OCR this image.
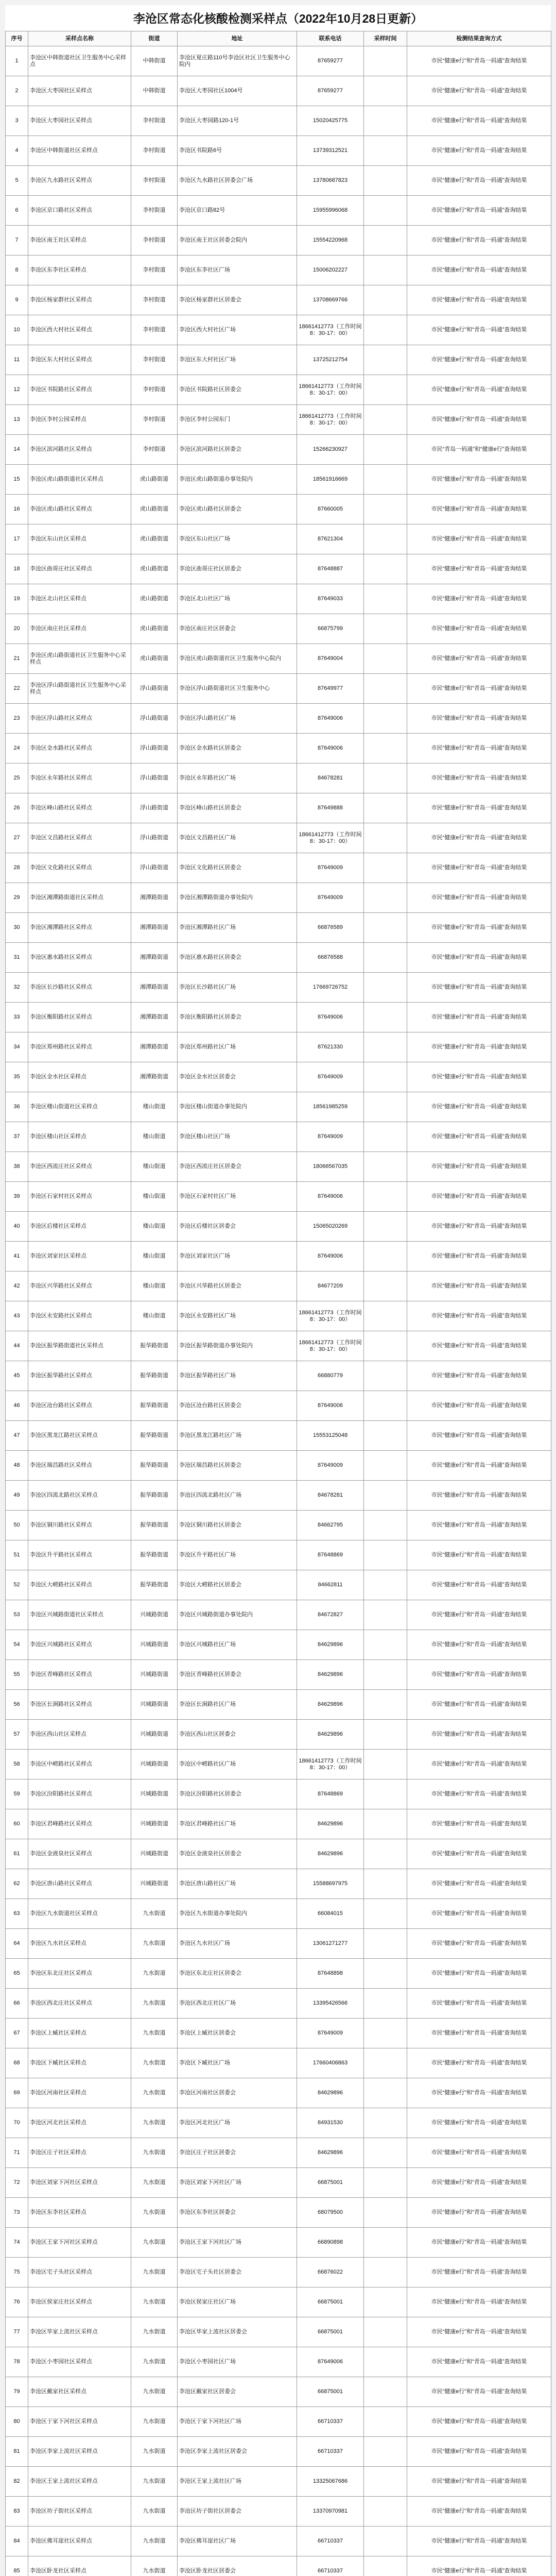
李沧区常态化核酸检测采样点（2022年10月28日更新）
序号	采样点名称	街道	地址	联系电话	采样时间	检测结果查询方式
1	李沧区中韩街道社区卫生服务中心采样点	中韩街道	李沧区夏庄路110号李沧区社区卫生服务中心院内	87659277		市民“健康e行”和“青岛一码通”查询结果
2	李沧区大枣园社区采样点	中韩街道	李沧区大枣园社区1004号	87659277		市民“健康e行”和“青岛一码通”查询结果
3	李沧区大枣园社区采样点	李村街道	李沧区大枣园路120-1号	15020425775		市民“健康e行”和“青岛一码通”查询结果
4	李沧区中韩街道社区采样点	李村街道	李沧区书院路6号	13739312521		市民“健康e行”和“青岛一码通”查询结果
5	李沧区九水路社区采样点	李村街道	李沧区九水路社区居委会广场	13780687823		市民“健康e行”和“青岛一码通”查询结果
6	李沧区京口路社区采样点	李村街道	李沧区京口路82号	15955996068		市民“健康e行”和“青岛一码通”查询结果
7	李沧区南王社区采样点	李村街道	李沧区南王社区居委会院内	15554220968		市民“健康e行”和“青岛一码通”查询结果
8	李沧区东李社区采样点	李村街道	李沧区东李社区广场	15006202227		市民“健康e行”和“青岛一码通”查询结果
9	李沧区杨家群社区采样点	李村街道	李沧区杨家群社区居委会	13708669766		市民“健康e行”和“青岛一码通”查询结果
10	李沧区西大村社区采样点	李村街道	李沧区西大村社区广场	18661412773（工作时间8：30-17：00）		市民“健康e行”和“青岛一码通”查询结果
11	李沧区东大村社区采样点	李村街道	李沧区东大村社区广场	13725212754		市民“健康e行”和“青岛一码通”查询结果
12	李沧区书院路社区采样点	李村街道	李沧区书院路社区居委会	18661412773（工作时间8：30-17：00）		市民“健康e行”和“青岛一码通”查询结果
13	李沧区李村公园采样点	李村街道	李沧区李村公园东门	18661412773（工作时间8：30-17：00）		市民“健康e行”和“青岛一码通”查询结果
14	李沧区滨河路社区采样点	李村街道	李沧区滨河路社区居委会	15266230927		市民“青岛一码通”和“健康e行”查询结果
15	李沧区虎山路街道社区采样点	虎山路街道	李沧区虎山路街道办事处院内	18561916669		市民“健康e行”和“青岛一码通”查询结果
16	李沧区虎山路社区采样点	虎山路街道	李沧区虎山路社区居委会	87660005		市民“健康e行”和“青岛一码通”查询结果
17	李沧区东山社区采样点	虎山路街道	李沧区东山社区广场	87621304		市民“健康e行”和“青岛一码通”查询结果
18	李沧区曲哥庄社区采样点	虎山路街道	李沧区曲哥庄社区居委会	87648887		市民“健康e行”和“青岛一码通”查询结果
19	李沧区北山社区采样点	虎山路街道	李沧区北山社区广场	87649033		市民“健康e行”和“青岛一码通”查询结果
20	李沧区南庄社区采样点	虎山路街道	李沧区南庄社区居委会	66875799		市民“健康e行”和“青岛一码通”查询结果
21	李沧区虎山路街道社区卫生服务中心采样点	虎山路街道	李沧区虎山路街道社区卫生服务中心院内	87649004		市民“健康e行”和“青岛一码通”查询结果
22	李沧区浮山路街道社区卫生服务中心采样点	浮山路街道	李沧区浮山路街道社区卫生服务中心	87649977		市民“健康e行”和“青岛一码通”查询结果
23	李沧区浮山路社区采样点	浮山路街道	李沧区浮山路社区广场	87649006		市民“健康e行”和“青岛一码通”查询结果
24	李沧区金水路社区采样点	浮山路街道	李沧区金水路社区居委会	87649006		市民“健康e行”和“青岛一码通”查询结果
25	李沧区永年路社区采样点	浮山路街道	李沧区永年路社区广场	84678281		市民“健康e行”和“青岛一码通”查询结果
26	李沧区峰山路社区采样点	浮山路街道	李沧区峰山路社区居委会	87649888		市民“健康e行”和“青岛一码通”查询结果
27	李沧区文昌路社区采样点	浮山路街道	李沧区文昌路社区广场	18661412773（工作时间8：30-17：00）		市民“健康e行”和“青岛一码通”查询结果
28	李沧区文化路社区采样点	浮山路街道	李沧区文化路社区居委会	87649009		市民“健康e行”和“青岛一码通”查询结果
29	李沧区湘潭路街道社区采样点	湘潭路街道	李沧区湘潭路街道办事处院内	87649009		市民“健康e行”和“青岛一码通”查询结果
30	李沧区湘潭路社区采样点	湘潭路街道	李沧区湘潭路社区广场	66876589		市民“健康e行”和“青岛一码通”查询结果
31	李沧区惠水路社区采样点	湘潭路街道	李沧区惠水路社区居委会	66876588		市民“健康e行”和“青岛一码通”查询结果
32	李沧区长沙路社区采样点	湘潭路街道	李沧区长沙路社区广场	17669726752		市民“健康e行”和“青岛一码通”查询结果
33	李沧区衡阳路社区采样点	湘潭路街道	李沧区衡阳路社区居委会	87649006		市民“健康e行”和“青岛一码通”查询结果
34	李沧区郑州路社区采样点	湘潭路街道	李沧区郑州路社区广场	87621330		市民“健康e行”和“青岛一码通”查询结果
35	李沧区金水社区采样点	湘潭路街道	李沧区金水社区居委会	87649009		市民“健康e行”和“青岛一码通”查询结果
36	李沧区楼山街道社区采样点	楼山街道	李沧区楼山街道办事处院内	18561985259		市民“健康e行”和“青岛一码通”查询结果
37	李沧区楼山社区采样点	楼山街道	李沧区楼山社区广场	87649009		市民“健康e行”和“青岛一码通”查询结果
38	李沧区西流庄社区采样点	楼山街道	李沧区西流庄社区居委会	18066567035		市民“健康e行”和“青岛一码通”查询结果
39	李沧区石家村社区采样点	楼山街道	李沧区石家村社区广场	87649006		市民“健康e行”和“青岛一码通”查询结果
40	李沧区后楼社区采样点	楼山街道	李沧区后楼社区居委会	15065020269		市民“健康e行”和“青岛一码通”查询结果
41	李沧区刘家社区采样点	楼山街道	李沧区刘家社区广场	87649006		市民“健康e行”和“青岛一码通”查询结果
42	李沧区兴华路社区采样点	楼山街道	李沧区兴华路社区居委会	84677209		市民“健康e行”和“青岛一码通”查询结果
43	李沧区永安路社区采样点	楼山街道	李沧区永安路社区广场	18661412773（工作时间8：30-17：00）		市民“健康e行”和“青岛一码通”查询结果
44	李沧区振华路街道社区采样点	振华路街道	李沧区振华路街道办事处院内	18661412773（工作时间8：30-17：00）		市民“健康e行”和“青岛一码通”查询结果
45	李沧区振华路社区采样点	振华路街道	李沧区振华路社区广场	66880779		市民“健康e行”和“青岛一码通”查询结果
46	李沧区沧台路社区采样点	振华路街道	李沧区沧台路社区居委会	87649006		市民“健康e行”和“青岛一码通”查询结果
47	李沧区黑龙江路社区采样点	振华路街道	李沧区黑龙江路社区广场	15553125048		市民“健康e行”和“青岛一码通”查询结果
48	李沧区瑞昌路社区采样点	振华路街道	李沧区瑞昌路社区居委会	87649009		市民“健康e行”和“青岛一码通”查询结果
49	李沧区四流北路社区采样点	振华路街道	李沧区四流北路社区广场	84678281		市民“健康e行”和“青岛一码通”查询结果
50	李沧区铜川路社区采样点	振华路街道	李沧区铜川路社区居委会	84662795		市民“健康e行”和“青岛一码通”查询结果
51	李沧区升平路社区采样点	振华路街道	李沧区升平路社区广场	87648869		市民“健康e行”和“青岛一码通”查询结果
52	李沧区大崂路社区采样点	振华路街道	李沧区大崂路社区居委会	84662811		市民“健康e行”和“青岛一码通”查询结果
53	李沧区兴城路街道社区采样点	兴城路街道	李沧区兴城路街道办事处院内	84672827		市民“健康e行”和“青岛一码通”查询结果
54	李沧区兴城路社区采样点	兴城路街道	李沧区兴城路社区广场	84629896		市民“健康e行”和“青岛一码通”查询结果
55	李沧区青峰路社区采样点	兴城路街道	李沧区青峰路社区居委会	84629896		市民“健康e行”和“青岛一码通”查询结果
56	李沧区长涧路社区采样点	兴城路街道	李沧区长涧路社区广场	84629896		市民“健康e行”和“青岛一码通”查询结果
57	李沧区西山社区采样点	兴城路街道	李沧区西山社区居委会	84629896		市民“健康e行”和“青岛一码通”查询结果
58	李沧区中崂路社区采样点	兴城路街道	李沧区中崂路社区广场	18661412773（工作时间8：30-17：00）		市民“健康e行”和“青岛一码通”查询结果
59	李沧区汾阳路社区采样点	兴城路街道	李沧区汾阳路社区居委会	87648869		市民“健康e行”和“青岛一码通”查询结果
60	李沧区君峰路社区采样点	兴城路街道	李沧区君峰路社区广场	84629896		市民“健康e行”和“青岛一码通”查询结果
61	李沧区金液泉社区采样点	兴城路街道	李沧区金液泉社区居委会	84629896		市民“健康e行”和“青岛一码通”查询结果
62	李沧区唐山路社区采样点	兴城路街道	李沧区唐山路社区广场	15588697975		市民“健康e行”和“青岛一码通”查询结果
63	李沧区九水街道社区采样点	九水街道	李沧区九水街道办事处院内	66084015		市民“健康e行”和“青岛一码通”查询结果
64	李沧区九水社区采样点	九水街道	李沧区九水社区广场	13061271277		市民“健康e行”和“青岛一码通”查询结果
65	李沧区东北庄社区采样点	九水街道	李沧区东北庄社区居委会	87648898		市民“健康e行”和“青岛一码通”查询结果
66	李沧区西北庄社区采样点	九水街道	李沧区西北庄社区广场	13395426566		市民“健康e行”和“青岛一码通”查询结果
67	李沧区上臧社区采样点	九水街道	李沧区上臧社区居委会	87649009		市民“健康e行”和“青岛一码通”查询结果
68	李沧区下臧社区采样点	九水街道	李沧区下臧社区广场	17660406863		市民“健康e行”和“青岛一码通”查询结果
69	李沧区河南社区采样点	九水街道	李沧区河南社区居委会	84629896		市民“健康e行”和“青岛一码通”查询结果
70	李沧区河北社区采样点	九水街道	李沧区河北社区广场	84931530		市民“健康e行”和“青岛一码通”查询结果
71	李沧区庄子社区采样点	九水街道	李沧区庄子社区居委会	84629896		市民“健康e行”和“青岛一码通”查询结果
72	李沧区刘家下河社区采样点	九水街道	李沧区刘家下河社区广场	66875001		市民“健康e行”和“青岛一码通”查询结果
73	李沧区东李社区采样点	九水街道	李沧区东李社区居委会	68079500		市民“健康e行”和“青岛一码通”查询结果
74	李沧区王家下河社区采样点	九水街道	李沧区王家下河社区广场	66890898		市民“健康e行”和“青岛一码通”查询结果
75	李沧区宅子头社区采样点	九水街道	李沧区宅子头社区居委会	66876022		市民“健康e行”和“青岛一码通”查询结果
76	李沧区侯家庄社区采样点	九水街道	李沧区侯家庄社区广场	66875001		市民“健康e行”和“青岛一码通”查询结果
77	李沧区毕家上流社区采样点	九水街道	李沧区毕家上流社区居委会	66875001		市民“健康e行”和“青岛一码通”查询结果
78	李沧区小枣园社区采样点	九水街道	李沧区小枣园社区广场	87649006		市民“健康e行”和“青岛一码通”查询结果
79	李沧区戴家社区采样点	九水街道	李沧区戴家社区居委会	66875001		市民“健康e行”和“青岛一码通”查询结果
80	李沧区于家下河社区采样点	九水街道	李沧区于家下河社区广场	66710337		市民“健康e行”和“青岛一码通”查询结果
81	李沧区李家上流社区采样点	九水街道	李沧区李家上流社区居委会	66710337		市民“健康e行”和“青岛一码通”查询结果
82	李沧区王家上流社区采样点	九水街道	李沧区王家上流社区广场	13325067686		市民“健康e行”和“青岛一码通”查询结果
83	李沧区坊子街社区采样点	九水街道	李沧区坊子街社区居委会	13370970981		市民“健康e行”和“青岛一码通”查询结果
84	李沧区佛耳崖社区采样点	九水街道	李沧区佛耳崖社区广场	66710337		市民“健康e行”和“青岛一码通”查询结果
85	李沧区卧龙社区采样点	九水街道	李沧区卧龙社区居委会	66710337		市民“健康e行”和“青岛一码通”查询结果
